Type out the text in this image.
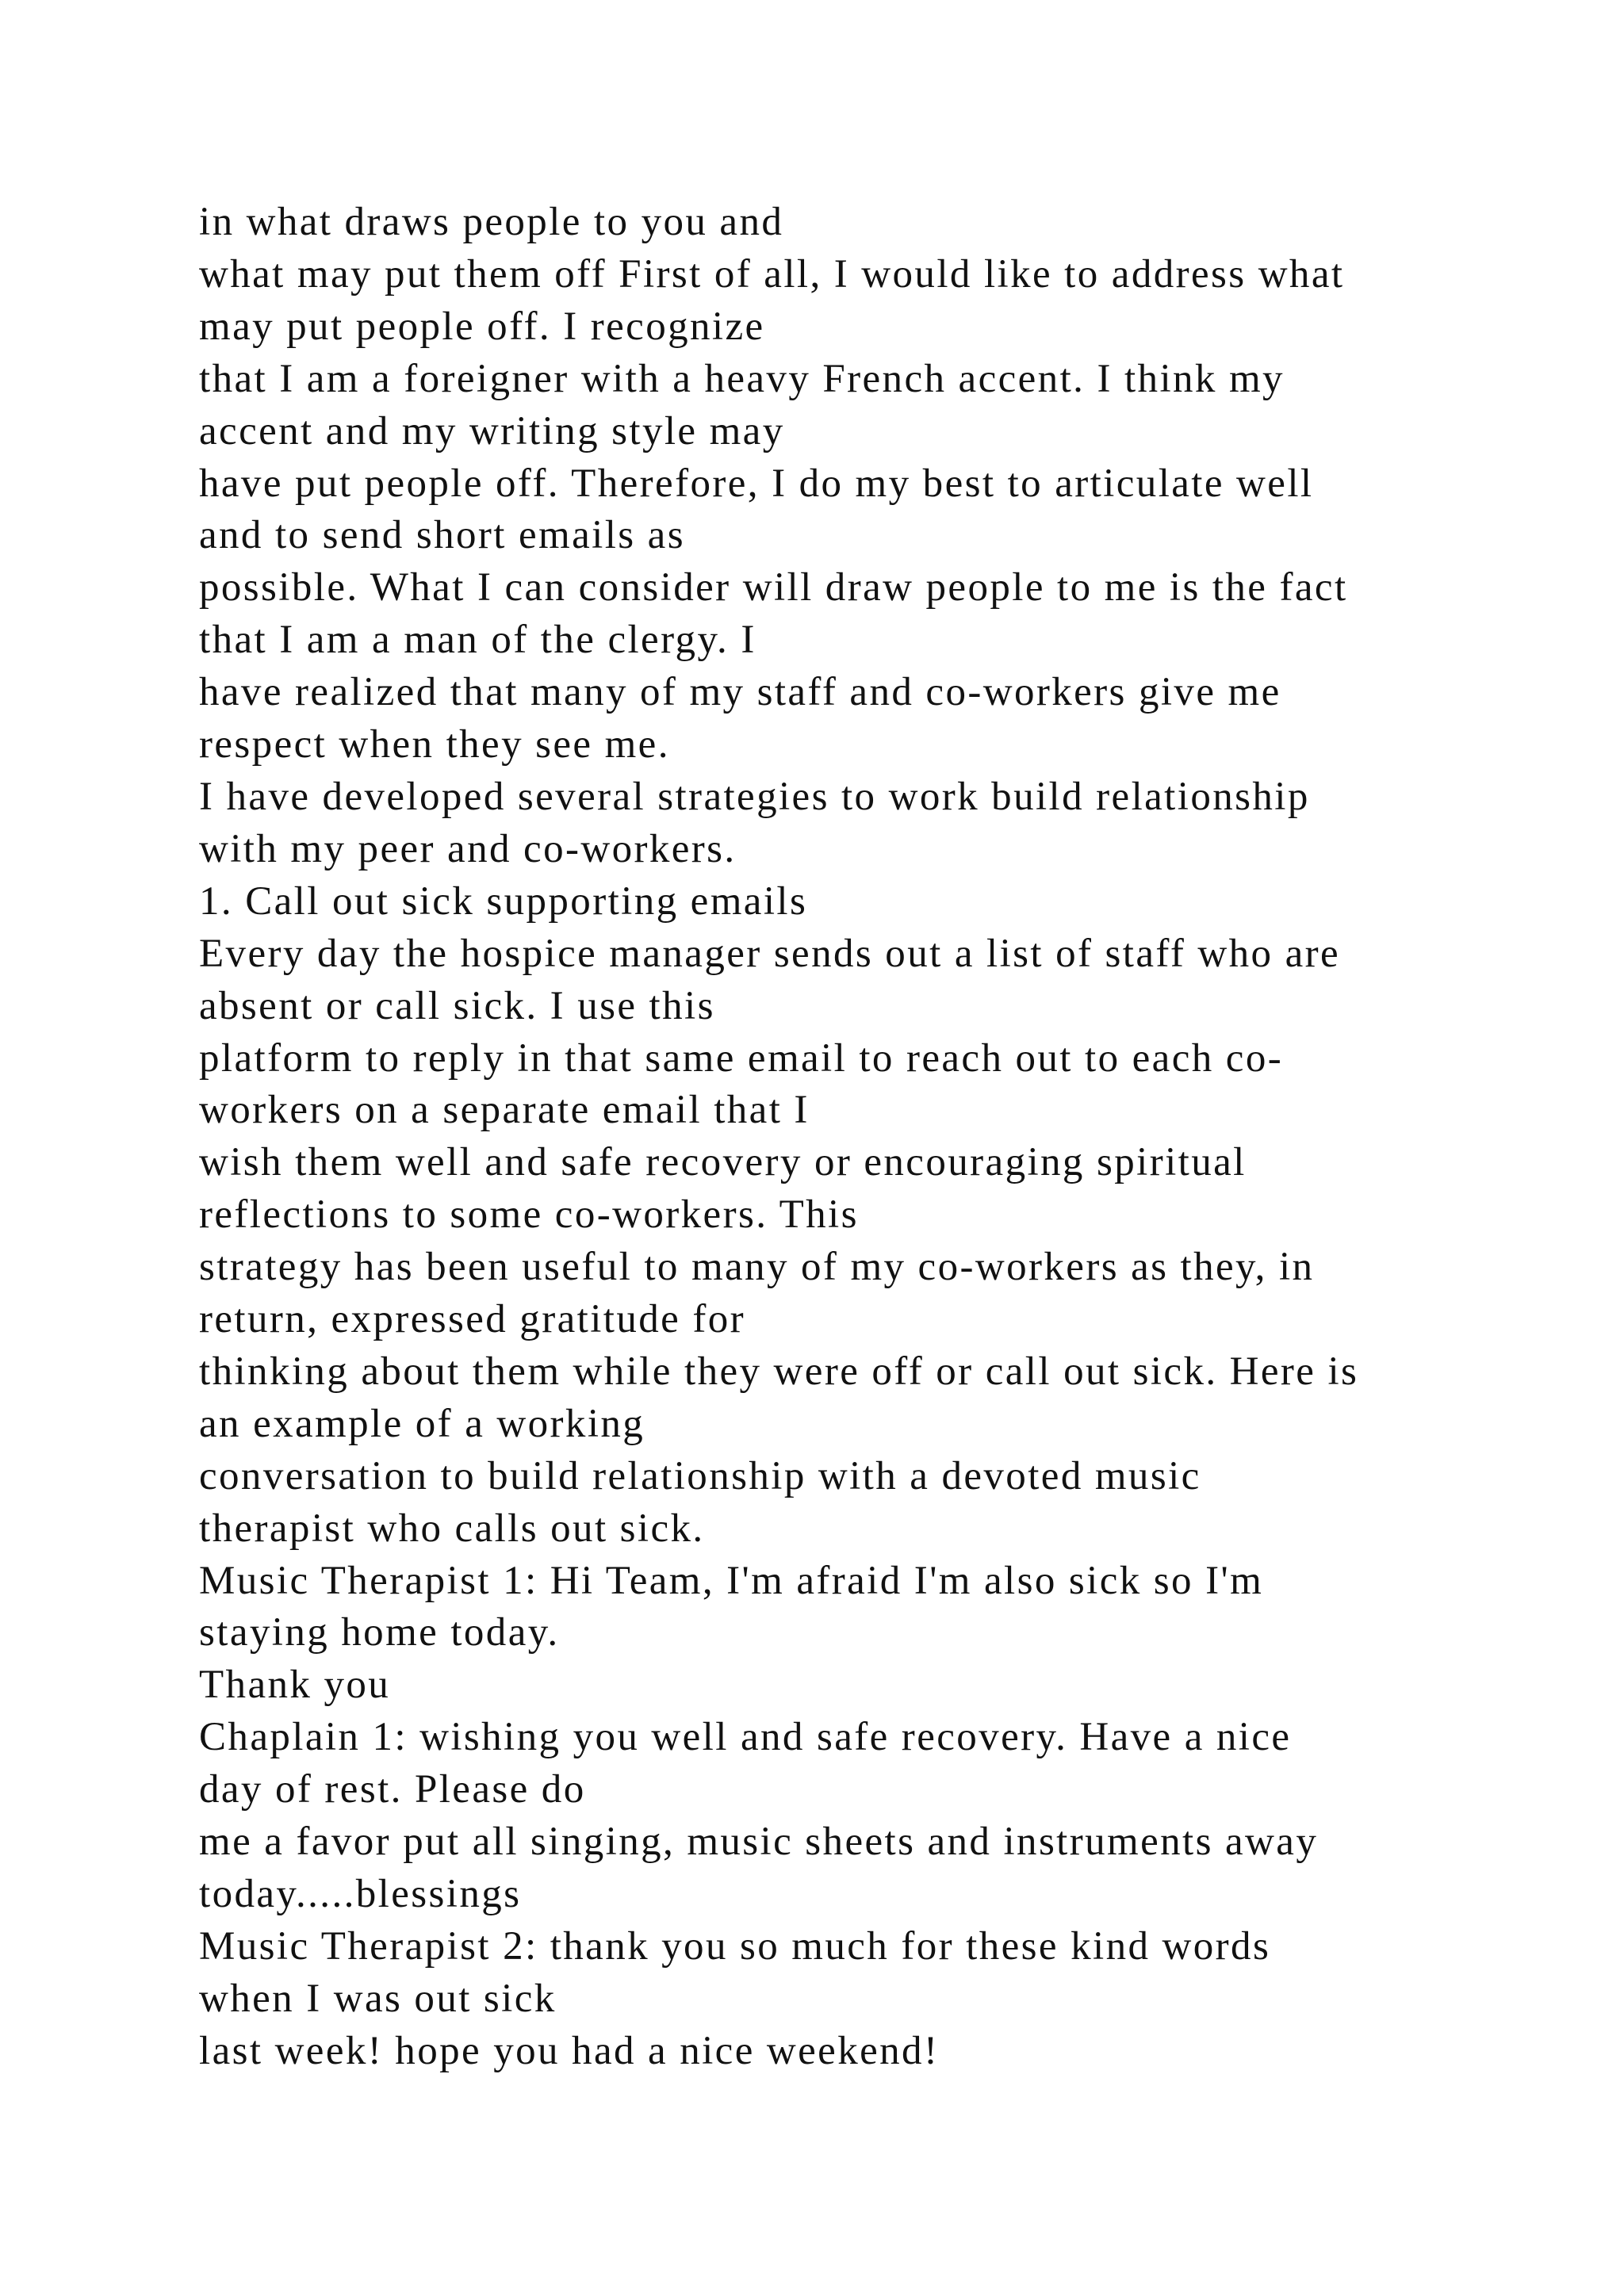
in what draws people to you and
what may put them off First of all, I would like to address what
may put people off. I recognize
that I am a foreigner with a heavy French accent. I think my
accent and my writing style may
have put people off. Therefore, I do my best to articulate well
and to send short emails as
possible. What I can consider will draw people to me is the fact
that I am a man of the clergy. I
have realized that many of my staff and co-workers give me
respect when they see me.
I have developed several strategies to work build relationship
with my peer and co-workers.
1. Call out sick supporting emails
Every day the hospice manager sends out a list of staff who are
absent or call sick. I use this
platform to reply in that same email to reach out to each co-
workers on a separate email that I
wish them well and safe recovery or encouraging spiritual
reflections to some co-workers. This
strategy has been useful to many of my co-workers as they, in
return, expressed gratitude for
thinking about them while they were off or call out sick. Here is
an example of a working
conversation to build relationship with a devoted music
therapist who calls out sick.
Music Therapist 1: Hi Team, I'm afraid I'm also sick so I'm
staying home today.
Thank you
Chaplain 1: wishing you well and safe recovery. Have a nice
day of rest. Please do
me a favor put all singing, music sheets and instruments away
today.....blessings
Music Therapist 2: thank you so much for these kind words
when I was out sick
last week! hope you had a nice weekend!
